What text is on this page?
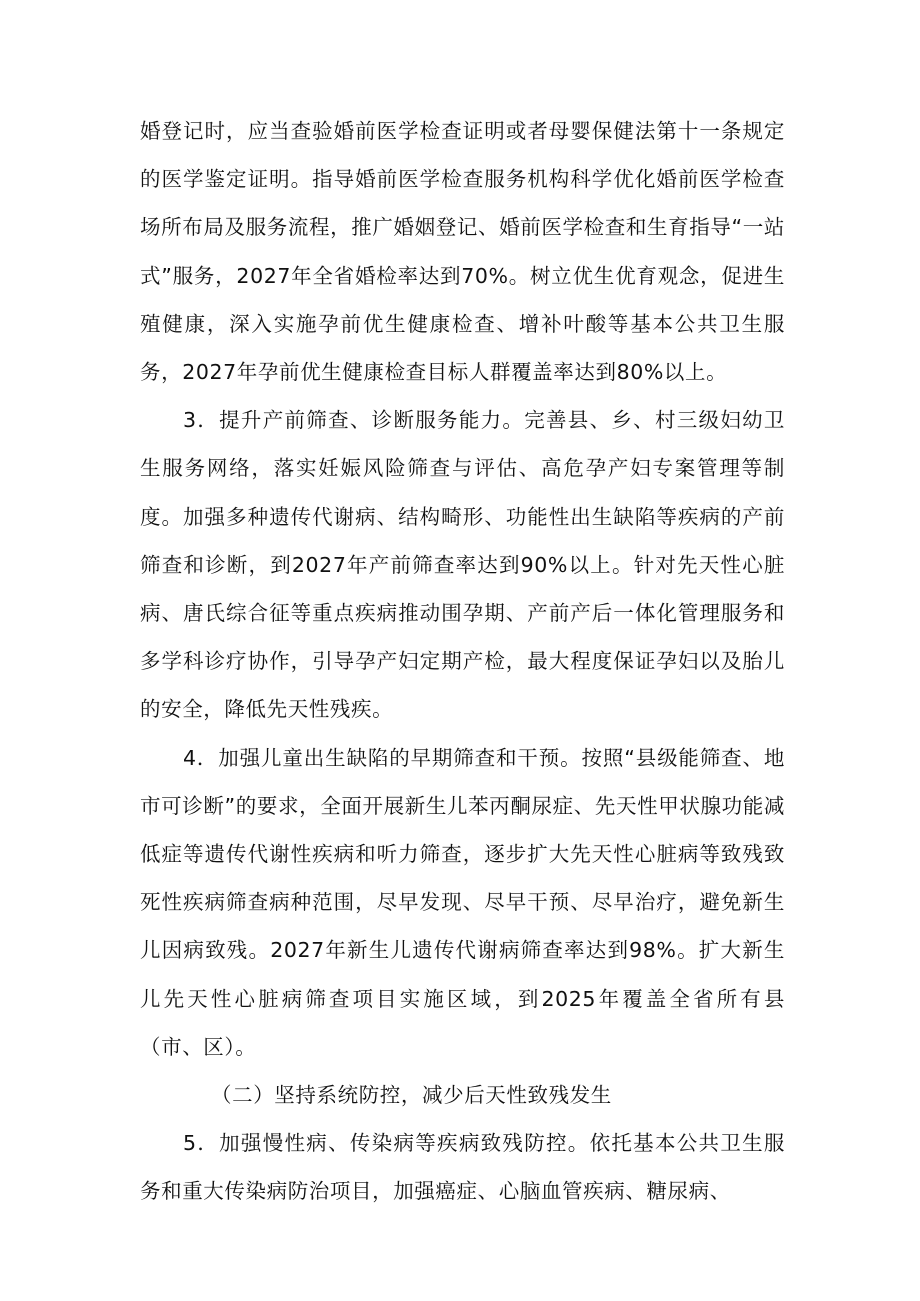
婚登记时，应当查验婚前医学检查证明或者母婴保健法第十一条规定的医学鉴定证明。指导婚前医学检查服务机构科学优化婚前医学检查场所布局及服务流程，推广婚姻登记、婚前医学检查和生育指导“一站式”服务，2027年全省婚检率达到70%。树立优生优育观念，促进生殖健康，深入实施孕前优生健康检查、增补叶酸等基本公共卫生服务，2027年孕前优生健康检查目标人群覆盖率达到80%以上。

3．提升产前筛查、诊断服务能力。完善县、乡、村三级妇幼卫生服务网络，落实妊娠风险筛查与评估、高危孕产妇专案管理等制度。加强多种遗传代谢病、结构畸形、功能性出生缺陷等疾病的产前筛查和诊断，到2027年产前筛查率达到90%以上。针对先天性心脏病、唐氏综合征等重点疾病推动围孕期、产前产后一体化管理服务和多学科诊疗协作，引导孕产妇定期产检，最大程度保证孕妇以及胎儿的安全，降低先天性残疾。

4．加强儿童出生缺陷的早期筛查和干预。按照“县级能筛查、地市可诊断”的要求，全面开展新生儿苯丙酮尿症、先天性甲状腺功能减低症等遗传代谢性疾病和听力筛查，逐步扩大先天性心脏病等致残致死性疾病筛查病种范围，尽早发现、尽早干预、尽早治疗，避免新生儿因病致残。2027年新生儿遗传代谢病筛查率达到98%。扩大新生儿先天性心脏病筛查项目实施区域，到2025年覆盖全省所有县（市、区）。

（二）坚持系统防控，减少后天性致残发生

5．加强慢性病、传染病等疾病致残防控。依托基本公共卫生服务和重大传染病防治项目，加强癌症、心脑血管疾病、糖尿病、
